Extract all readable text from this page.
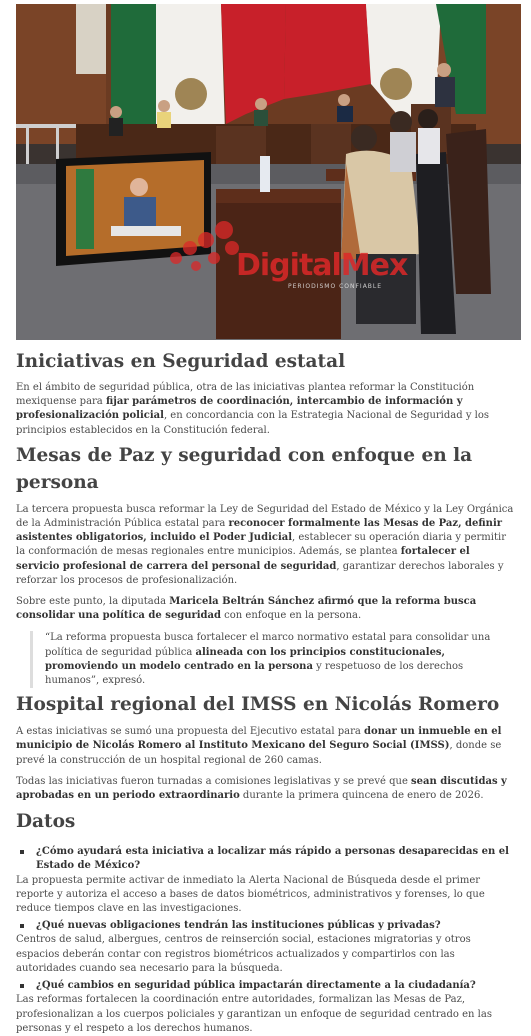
DigitalMex
PERIODISMO CONFIABLE
Iniciativas en Seguridad estatal

En el ámbito de seguridad pública, otra de las iniciativas plantea reformar la Constitución mexiquense para fijar parámetros de coordinación, intercambio de información y profesionalización policial, en concordancia con la Estrategia Nacional de Seguridad y los principios establecidos en la Constitución federal.

Mesas de Paz y seguridad con enfoque en la persona

La tercera propuesta busca reformar la Ley de Seguridad del Estado de México y la Ley Orgánica de la Administración Pública estatal para reconocer formalmente las Mesas de Paz, definir asistentes obligatorios, incluido el Poder Judicial, establecer su operación diaria y permitir la conformación de mesas regionales entre municipios. Además, se plantea fortalecer el servicio profesional de carrera del personal de seguridad, garantizar derechos laborales y reforzar los procesos de profesionalización.

Sobre este punto, la diputada Maricela Beltrán Sánchez afirmó que la reforma busca consolidar una política de seguridad con enfoque en la persona.

“La reforma propuesta busca fortalecer el marco normativo estatal para consolidar una política de seguridad pública alineada con los principios constitucionales, promoviendo un modelo centrado en la persona y respetuoso de los derechos humanos”, expresó.
Hospital regional del IMSS en Nicolás Romero

A estas iniciativas se sumó una propuesta del Ejecutivo estatal para donar un inmueble en el municipio de Nicolás Romero al Instituto Mexicano del Seguro Social (IMSS), donde se prevé la construcción de un hospital regional de 260 camas.

Todas las iniciativas fueron turnadas a comisiones legislativas y se prevé que sean discutidas y aprobadas en un periodo extraordinario durante la primera quincena de enero de 2026.

Datos
¿Cómo ayudará esta iniciativa a localizar más rápido a personas desaparecidas en el Estado de México?
La propuesta permite activar de inmediato la Alerta Nacional de Búsqueda desde el primer reporte y autoriza el acceso a bases de datos biométricos, administrativos y forenses, lo que reduce tiempos clave en las investigaciones.
¿Qué nuevas obligaciones tendrán las instituciones públicas y privadas?
Centros de salud, albergues, centros de reinserción social, estaciones migratorias y otros espacios deberán contar con registros biométricos actualizados y compartirlos con las autoridades cuando sea necesario para la búsqueda.
¿Qué cambios en seguridad pública impactarán directamente a la ciudadanía?
Las reformas fortalecen la coordinación entre autoridades, formalizan las Mesas de Paz, profesionalizan a los cuerpos policiales y garantizan un enfoque de seguridad centrado en las personas y el respeto a los derechos humanos.
